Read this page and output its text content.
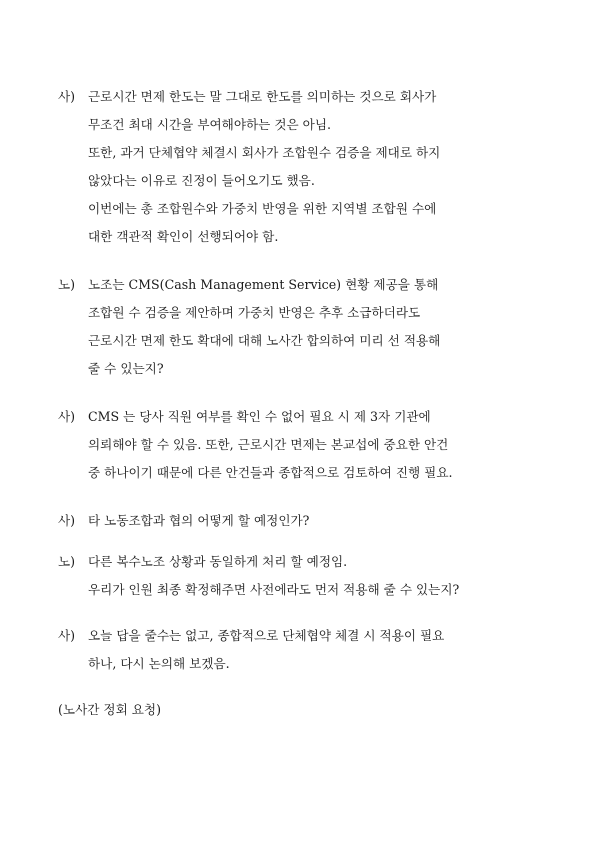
사) 근로시간 면제 한도는 말 그대로 한도를 의미하는 것으로 회사가
무조건 최대 시간을 부여해야하는 것은 아님.
또한, 과거 단체협약 체결시 회사가 조합원수 검증을 제대로 하지
않았다는 이유로 진정이 들어오기도 했음.
이번에는 총 조합원수와 가중치 반영을 위한 지역별 조합원 수에
대한 객관적 확인이 선행되어야 함.
노) 노조는 CMS(Cash Management Service) 현황 제공을 통해
조합원 수 검증을 제안하며 가중치 반영은 추후 소급하더라도
근로시간 면제 한도 확대에 대해 노사간 합의하여 미리 선 적용해
줄 수 있는지?
사) CMS 는 당사 직원 여부를 확인 수 없어 필요 시 제 3자 기관에
의뢰해야 할 수 있음. 또한, 근로시간 면제는 본교섭에 중요한 안건
중 하나이기 때문에 다른 안건들과 종합적으로 검토하여 진행 필요.
사) 타 노동조합과 협의 어떻게 할 예정인가?
노) 다른 복수노조 상황과 동일하게 처리 할 예정임.
우리가 인원 최종 확정해주면 사전에라도 먼저 적용해 줄 수 있는지?
사) 오늘 답을 줄수는 없고, 종합적으로 단체협약 체결 시 적용이 필요
하나, 다시 논의해 보겠음.
(노사간 정회 요청)
